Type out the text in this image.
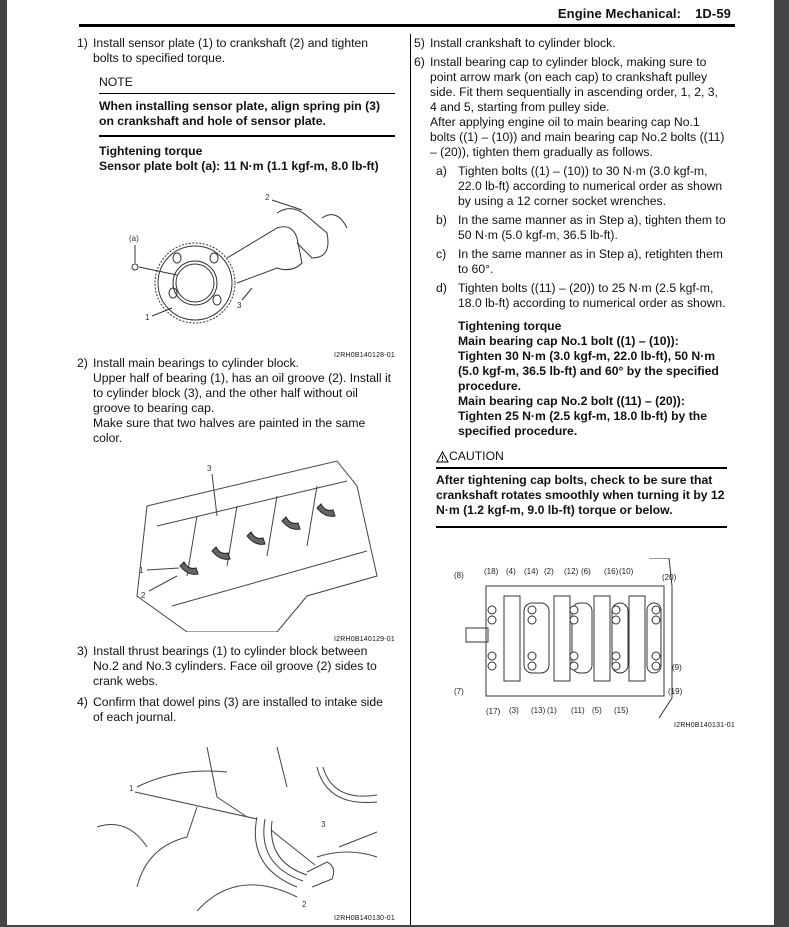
Engine Mechanical: 1D-59
1) Install sensor plate (1) to crankshaft (2) and tighten bolts to specified torque.
NOTE
When installing sensor plate, align spring pin (3) on crankshaft and hole of sensor plate.
Tightening torque
Sensor plate bolt (a): 11 N·m (1.1 kgf-m, 8.0 lb-ft)
(a)
1
2
3
I2RH0B140128-01
2) Install main bearings to cylinder block.
Upper half of bearing (1), has an oil groove (2). Install it to cylinder block (3), and the other half without oil groove to bearing cap.
Make sure that two halves are painted in the same color.
1
2
3
I2RH0B140129-01
3) Install thrust bearings (1) to cylinder block between No.2 and No.3 cylinders. Face oil groove (2) sides to crank webs.
4) Confirm that dowel pins (3) are installed to intake side of each journal.
1
2
3
I2RH0B140130-01
5) Install crankshaft to cylinder block.
6) Install bearing cap to cylinder block, making sure to point arrow mark (on each cap) to crankshaft pulley side. Fit them sequentially in ascending order, 1, 2, 3, 4 and 5, starting from pulley side.
After applying engine oil to main bearing cap No.1 bolts ((1) – (10)) and main bearing cap No.2 bolts ((11) – (20)), tighten them gradually as follows.
a) Tighten bolts ((1) – (10)) to 30 N·m (3.0 kgf-m, 22.0 lb-ft) according to numerical order as shown by using a 12 corner socket wrenches.
b) In the same manner as in Step a), tighten them to 50 N·m (5.0 kgf-m, 36.5 lb-ft).
c) In the same manner as in Step a), retighten them to 60°.
d) Tighten bolts ((11) – (20)) to 25 N·m (2.5 kgf-m, 18.0 lb-ft) according to numerical order as shown.
Tightening torque
Main bearing cap No.1 bolt ((1) – (10)):
Tighten 30 N·m (3.0 kgf-m, 22.0 lb-ft), 50 N·m (5.0 kgf-m, 36.5 lb-ft) and 60° by the specified procedure.
Main bearing cap No.2 bolt ((11) – (20)):
Tighten 25 N·m (2.5 kgf-m, 18.0 lb-ft) by the specified procedure.
CAUTION
After tightening cap bolts, check to be sure that crankshaft rotates smoothly when turning it by 12 N·m (1.2 kgf-m, 9.0 lb-ft) torque or below.
(8)	(18) (4) (14) (2) (12) (6) (16) (10)
(20)
(7)
(17) (3) (13) (1) (11) (5) (15)
(19)
(9)
I2RH0B140131-01
